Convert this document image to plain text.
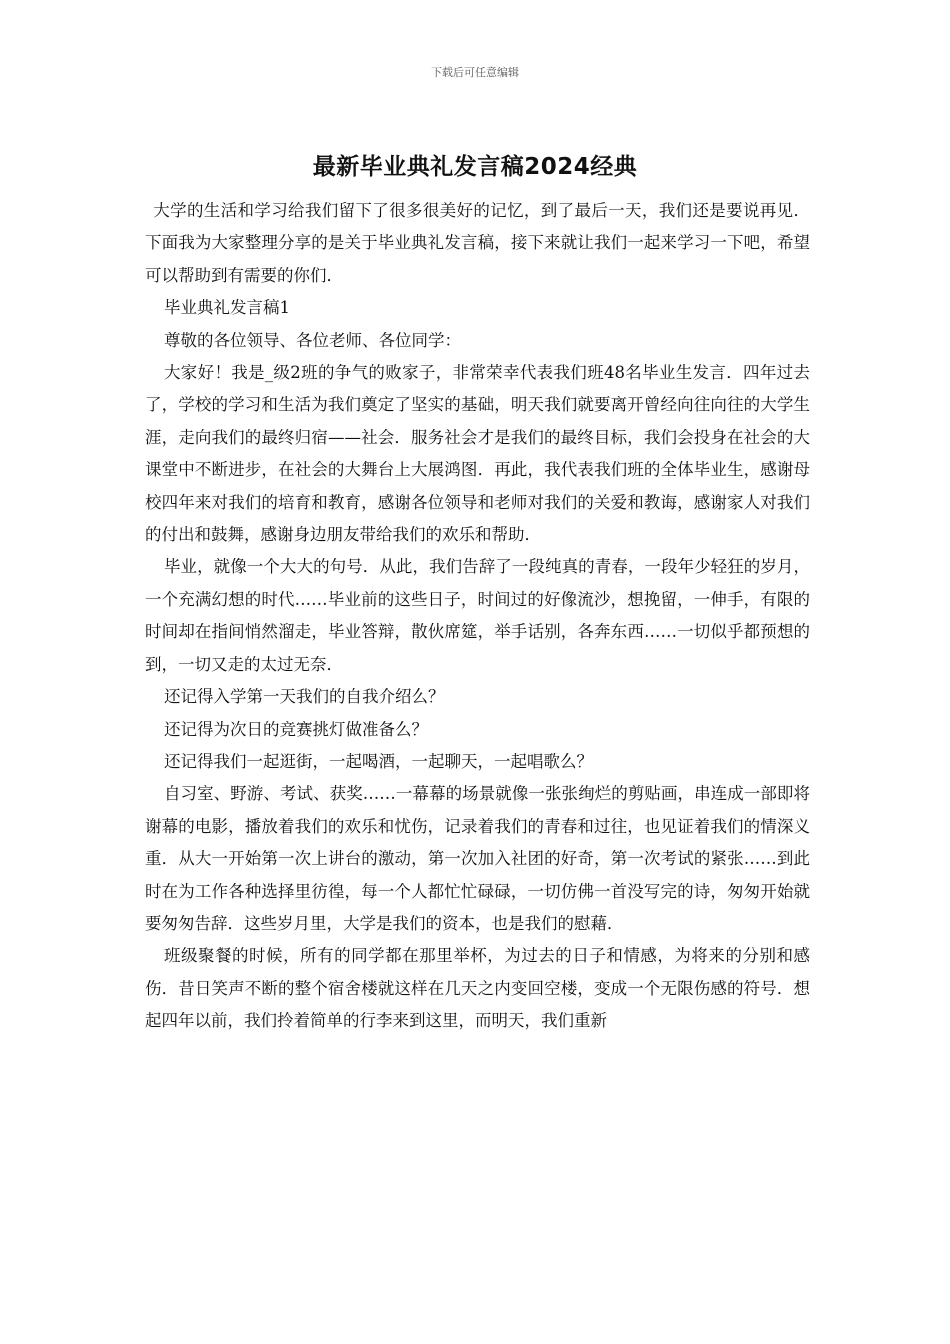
下载后可任意编辑
最新毕业典礼发言稿2024经典

大学的生活和学习给我们留下了很多很美好的记忆，到了最后一天，我们还是要说再见．下面我为大家整理分享的是关于毕业典礼发言稿，接下来就让我们一起来学习一下吧，希望可以帮助到有需要的你们．

毕业典礼发言稿1

尊敬的各位领导、各位老师、各位同学：

大家好！我是_级2班的争气的败家子，非常荣幸代表我们班48名毕业生发言．四年过去了，学校的学习和生活为我们奠定了坚实的基础，明天我们就要离开曾经向往向往的大学生涯，走向我们的最终归宿——社会．服务社会才是我们的最终目标，我们会投身在社会的大课堂中不断进步，在社会的大舞台上大展鸿图．再此，我代表我们班的全体毕业生，感谢母校四年来对我们的培育和教育，感谢各位领导和老师对我们的关爱和教诲，感谢家人对我们的付出和鼓舞，感谢身边朋友带给我们的欢乐和帮助．

毕业，就像一个大大的句号．从此，我们告辞了一段纯真的青春，一段年少轻狂的岁月，一个充满幻想的时代……毕业前的这些日子，时间过的好像流沙，想挽留，一伸手，有限的时间却在指间悄然溜走，毕业答辩，散伙席筵，举手话别，各奔东西……一切似乎都预想的到，一切又走的太过无奈．

还记得入学第一天我们的自我介绍么？

还记得为次日的竞赛挑灯做准备么？

还记得我们一起逛街，一起喝酒，一起聊天，一起唱歌么？

自习室、野游、考试、获奖……一幕幕的场景就像一张张绚烂的剪贴画，串连成一部即将谢幕的电影，播放着我们的欢乐和忧伤，记录着我们的青春和过往，也见证着我们的情深义重．从大一开始第一次上讲台的激动，第一次加入社团的好奇，第一次考试的紧张……到此时在为工作各种选择里彷徨，每一个人都忙忙碌碌，一切仿佛一首没写完的诗，匆匆开始就要匆匆告辞．这些岁月里，大学是我们的资本，也是我们的慰藉．

班级聚餐的时候，所有的同学都在那里举杯，为过去的日子和情感，为将来的分别和感伤．昔日笑声不断的整个宿舍楼就这样在几天之内变回空楼，变成一个无限伤感的符号．想起四年以前，我们拎着简单的行李来到这里，而明天，我们重新
